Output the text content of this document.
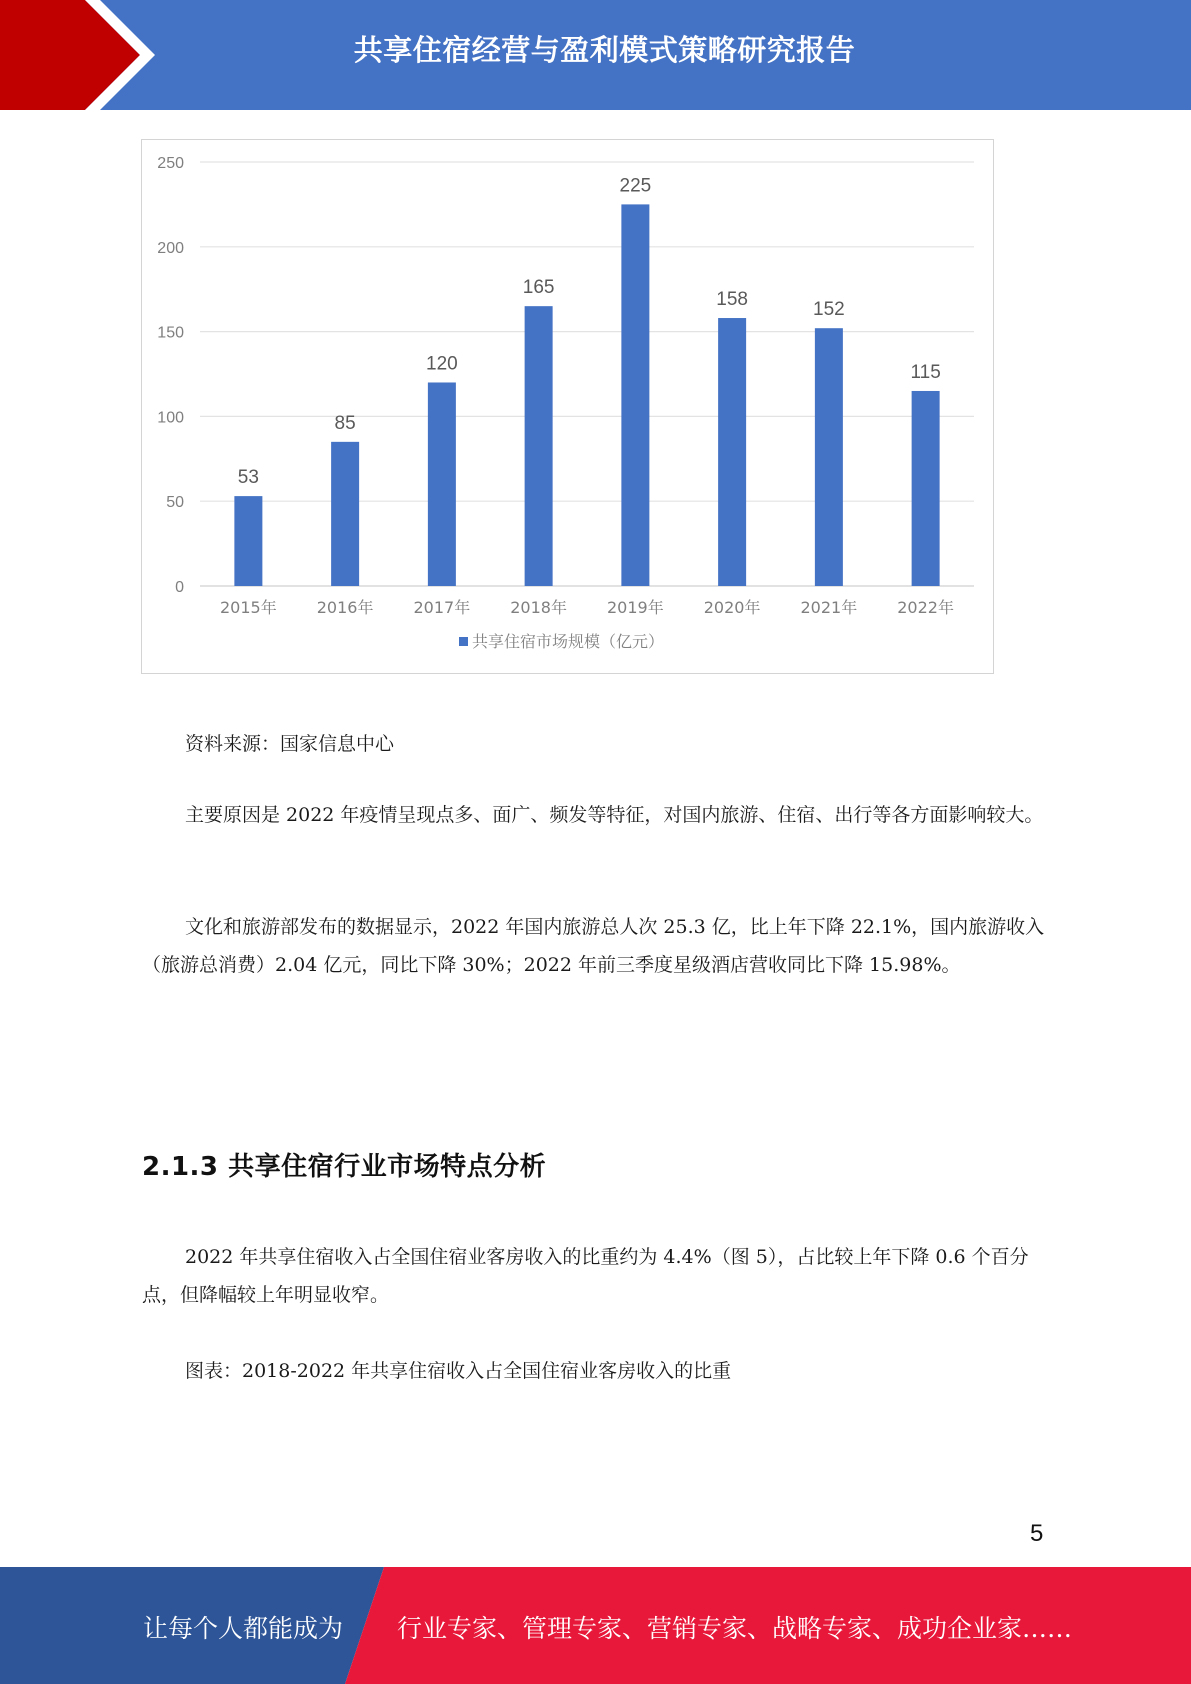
共享住宿经营与盈利模式策略研究报告
0
50
100
150
200
250
53
2015年
85
2016年
120
2017年
165
2018年
225
2019年
158
2020年
152
2021年
115
2022年
共享住宿市场规模（亿元）

资料来源：国家信息中心

主要原因是 2022 年疫情呈现点多、面广、频发等特征，对国内旅游、住宿、出行等各方面影响较大。

文化和旅游部发布的数据显示，2022 年国内旅游总人次 25.3 亿，比上年下降 22.1%，国内旅游收入（旅游总消费）2.04 亿元，同比下降 30%；2022 年前三季度星级酒店营收同比下降 15.98%。

2.1.3 共享住宿行业市场特点分析

2022 年共享住宿收入占全国住宿业客房收入的比重约为 4.4%（图 5），占比较上年下降 0.6 个百分点，但降幅较上年明显收窄。

图表：2018-2022 年共享住宿收入占全国住宿业客房收入的比重

5
让每个人都能成为 行业专家、管理专家、营销专家、战略专家、成功企业家……
